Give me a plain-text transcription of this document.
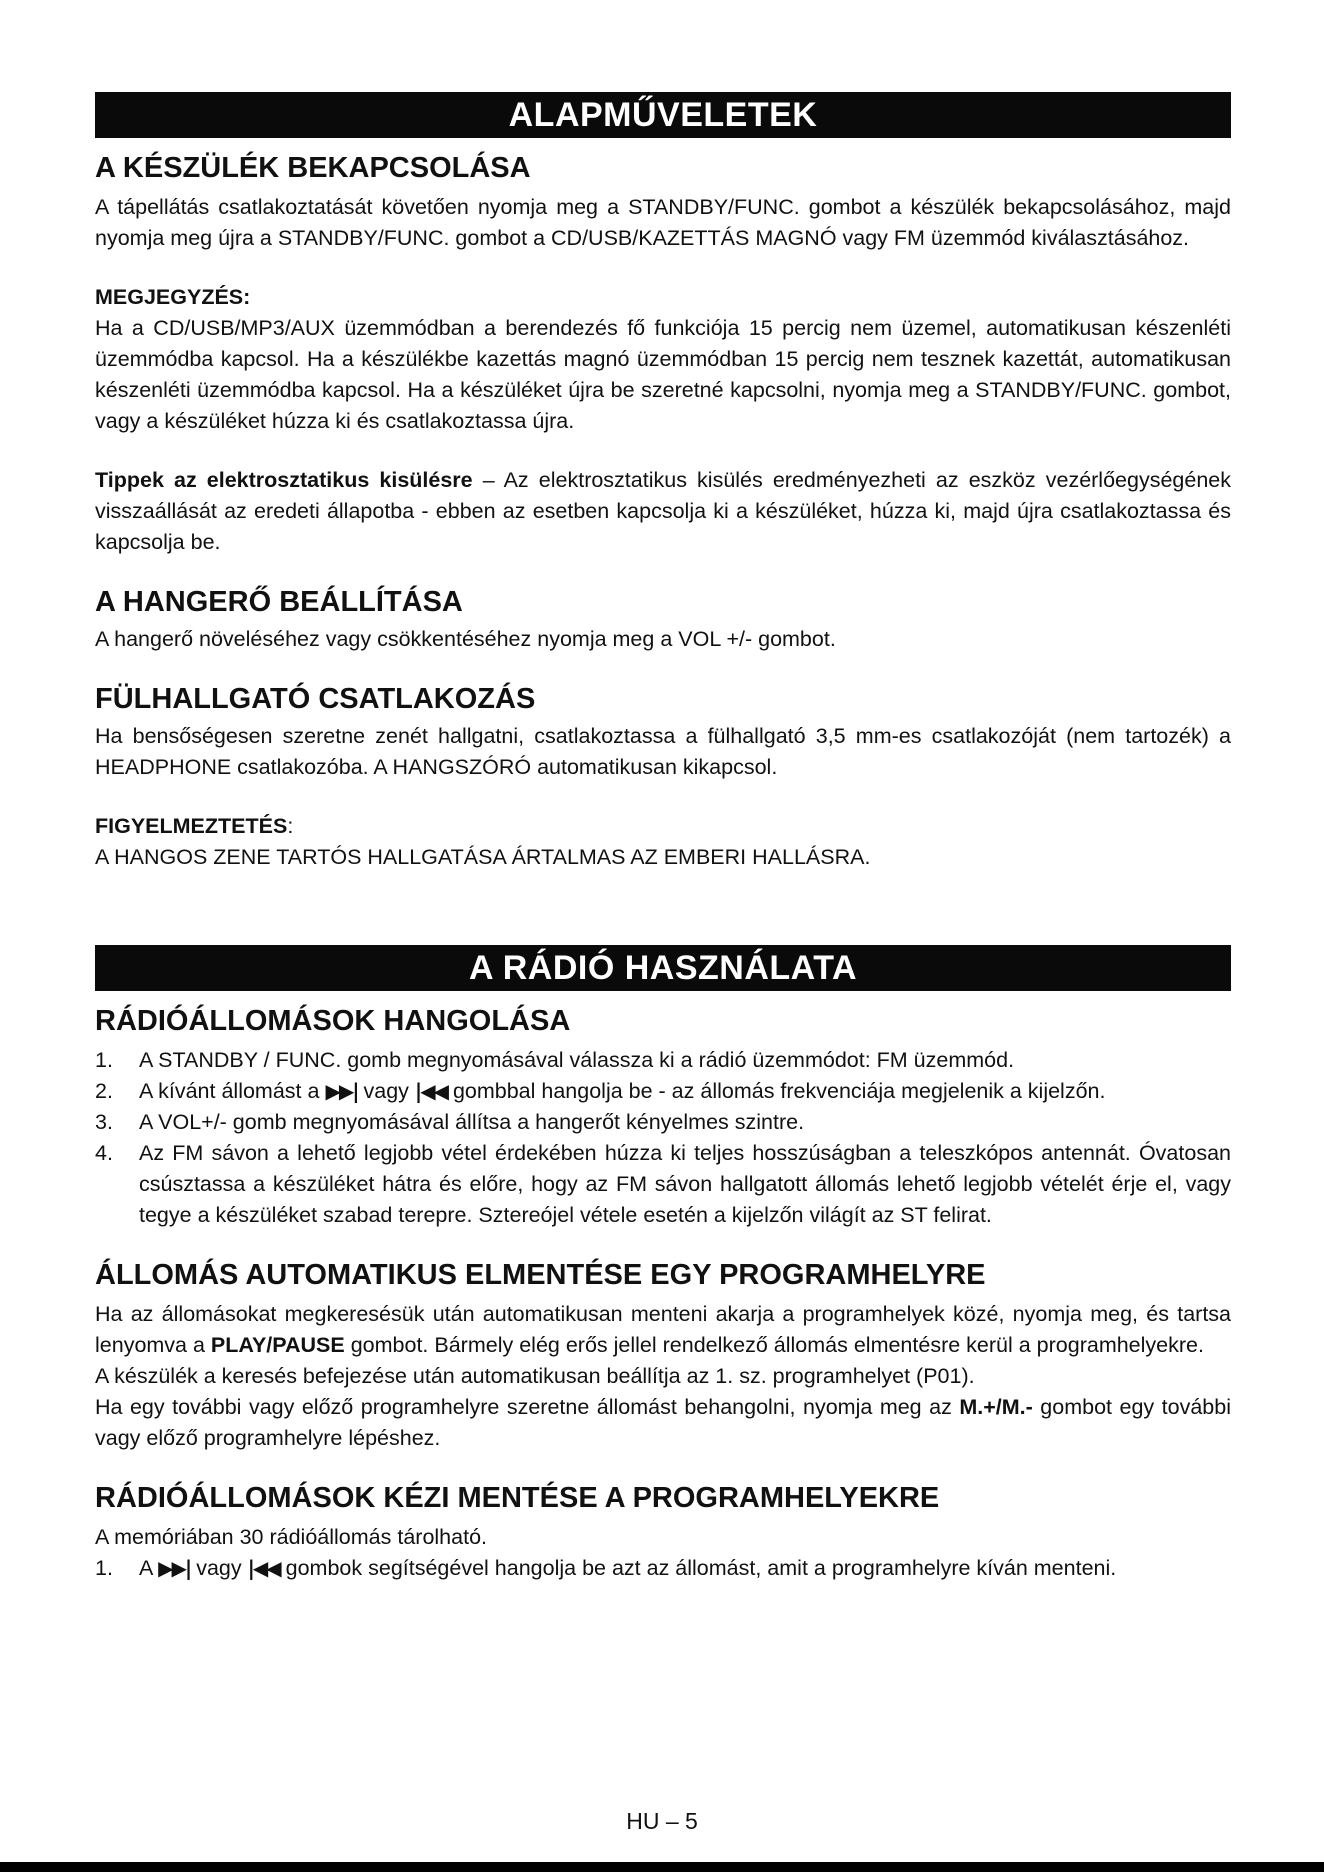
ALAPMŰVELETEK
A KÉSZÜLÉK BEKAPCSOLÁSA

A tápellátás csatlakoztatását követően nyomja meg a STANDBY/FUNC. gombot a készülék bekapcsolásához, majd nyomja meg újra a STANDBY/FUNC. gombot a CD/USB/KAZETTÁS MAGNÓ vagy FM üzemmód kiválasztásához.

MEGJEGYZÉS:

Ha a CD/USB/MP3/AUX üzemmódban a berendezés fő funkciója 15 percig nem üzemel, automatikusan készenléti üzemmódba kapcsol. Ha a készülékbe kazettás magnó üzemmódban 15 percig nem tesznek kazettát, automatikusan készenléti üzemmódba kapcsol. Ha a készüléket újra be szeretné kapcsolni, nyomja meg a STANDBY/FUNC. gombot, vagy a készüléket húzza ki és csatlakoztassa újra.

Tippek az elektrosztatikus kisülésre – Az elektrosztatikus kisülés eredményezheti az eszköz vezérlőegységének visszaállását az eredeti állapotba - ebben az esetben kapcsolja ki a készüléket, húzza ki, majd újra csatlakoztassa és kapcsolja be.

A HANGERŐ BEÁLLÍTÁSA

A hangerő növeléséhez vagy csökkentéséhez nyomja meg a VOL +/- gombot.

FÜLHALLGATÓ CSATLAKOZÁS

Ha bensőségesen szeretne zenét hallgatni, csatlakoztassa a fülhallgató 3,5 mm-es csatlakozóját (nem tartozék) a HEADPHONE csatlakozóba. A HANGSZÓRÓ automatikusan kikapcsol.

FIGYELMEZTETÉS:

A HANGOS ZENE TARTÓS HALLGATÁSA ÁRTALMAS AZ EMBERI HALLÁSRA.

A RÁDIÓ HASZNÁLATA
RÁDIÓÁLLOMÁSOK HANGOLÁSA
1. A STANDBY / FUNC. gomb megnyomásával válassza ki a rádió üzemmódot: FM üzemmód.
2. A kívánt állomást a ▶▶| vagy |◀◀ gombbal hangolja be - az állomás frekvenciája megjelenik a kijelzőn.
3. A VOL+/- gomb megnyomásával állítsa a hangerőt kényelmes szintre.
4. Az FM sávon a lehető legjobb vétel érdekében húzza ki teljes hosszúságban a teleszkópos antennát. Óvatosan csúsztassa a készüléket hátra és előre, hogy az FM sávon hallgatott állomás lehető legjobb vételét érje el, vagy tegye a készüléket szabad terepre. Sztereójel vétele esetén a kijelzőn világít az ST felirat.
ÁLLOMÁS AUTOMATIKUS ELMENTÉSE EGY PROGRAMHELYRE

Ha az állomásokat megkeresésük után automatikusan menteni akarja a programhelyek közé, nyomja meg, és tartsa lenyomva a PLAY/PAUSE gombot. Bármely elég erős jellel rendelkező állomás elmentésre kerül a programhelyekre.

A készülék a keresés befejezése után automatikusan beállítja az 1. sz. programhelyet (P01).

Ha egy további vagy előző programhelyre szeretne állomást behangolni, nyomja meg az M.+/M.- gombot egy további vagy előző programhelyre lépéshez.

RÁDIÓÁLLOMÁSOK KÉZI MENTÉSE A PROGRAMHELYEKRE

A memóriában 30 rádióállomás tárolható.

1. A ▶▶| vagy |◀◀ gombok segítségével hangolja be azt az állomást, amit a programhelyre kíván menteni.
HU – 5
